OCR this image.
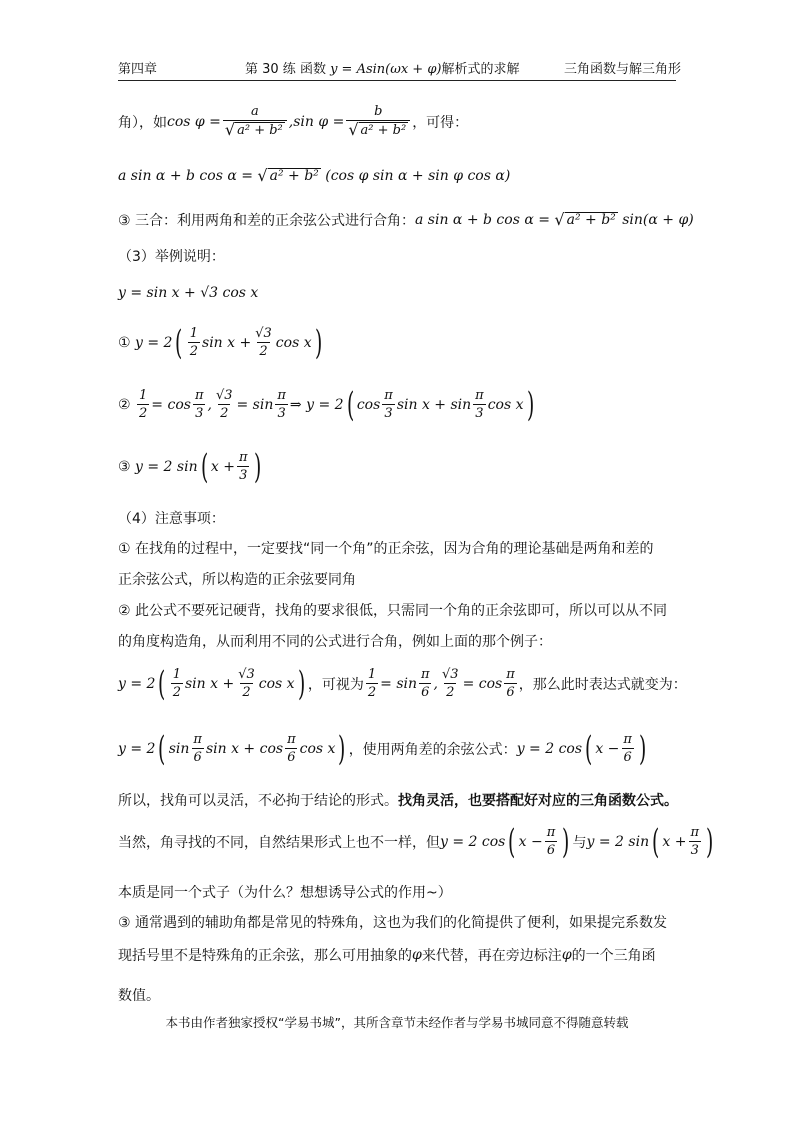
第四章	第 30 练 函数 y = Asin(ωx + φ)解析式的求解	三角函数与解三角形
角），如 $\cos \varphi = \frac{a}{\text{√ a² + b²}}$ , $\sin \varphi = \frac{b}{\text{√ a² + b²}}$ ，可得：
a sin α + b cos α =
√ a² + b²
(cos φ sin α + sin φ cos α)
③ 三合：利用两角和差的正余弦公式进行合角： a sin α + b cos α =
√ a² + b²
sin(α + φ)
（3）举例说明：
y = sin x + √3 cos x
①
y = 2 ( $\frac{1}{2}$ $\sin x + \frac{√3}{2}$ cos x )
②
$\frac{1}{2} = \cos \frac{\pi}{3}$ , $\frac{√3}{2} = \sin \frac{\pi}{3}$ ⇒ y = 2 ( $\cos \frac{\pi}{3}$ $\sin x + \sin \frac{\pi}{3}$ cos x )
③
y = 2 sin ( $x + \frac{\pi}{3}$ )
（4）注意事项：
① 在找角的过程中，一定要找“同一个角”的正余弦，因为合角的理论基础是两角和差的
正余弦公式，所以构造的正余弦要同角
② 此公式不要死记硬背，找角的要求很低，只需同一个角的正余弦即可，所以可以从不同
的角度构造角，从而利用不同的公式进行合角，例如上面的那个例子：
y = 2 ( $\frac{1}{2}$ $\sin x + \frac{√3}{2}$ cos x ) ，可视为 $\frac{1}{2} = \sin \frac{\pi}{6}$ , $\frac{√3}{2} = \cos \frac{\pi}{6}$ ，那么此时表达式就变为：
y = 2 ( $\sin \frac{\pi}{6}$ $\sin x + \cos \frac{\pi}{6}$ cos x ) ，使用两角差的余弦公式： y = 2 cos ( $x - \frac{\pi}{6}$ )
所以，找角可以灵活，不必拘于结论的形式。 找角灵活，也要搭配好对应的三角函数公式。
当然，角寻找的不同，自然结果形式上也不一样，但 y = 2 cos ( $x - \frac{\pi}{6}$ ) 与 y = 2 sin ( $x + \frac{\pi}{3}$ )
本质是同一个式子（为什么？想想诱导公式的作用~）
③ 通常遇到的辅助角都是常见的特殊角，这也为我们的化简提供了便利，如果提完系数发
现括号里不是特殊角的正余弦，那么可用抽象的 φ 来代替，再在旁边标注 φ 的一个三角函
数值。
本书由作者独家授权“学易书城”，其所含章节未经作者与学易书城同意不得随意转载
